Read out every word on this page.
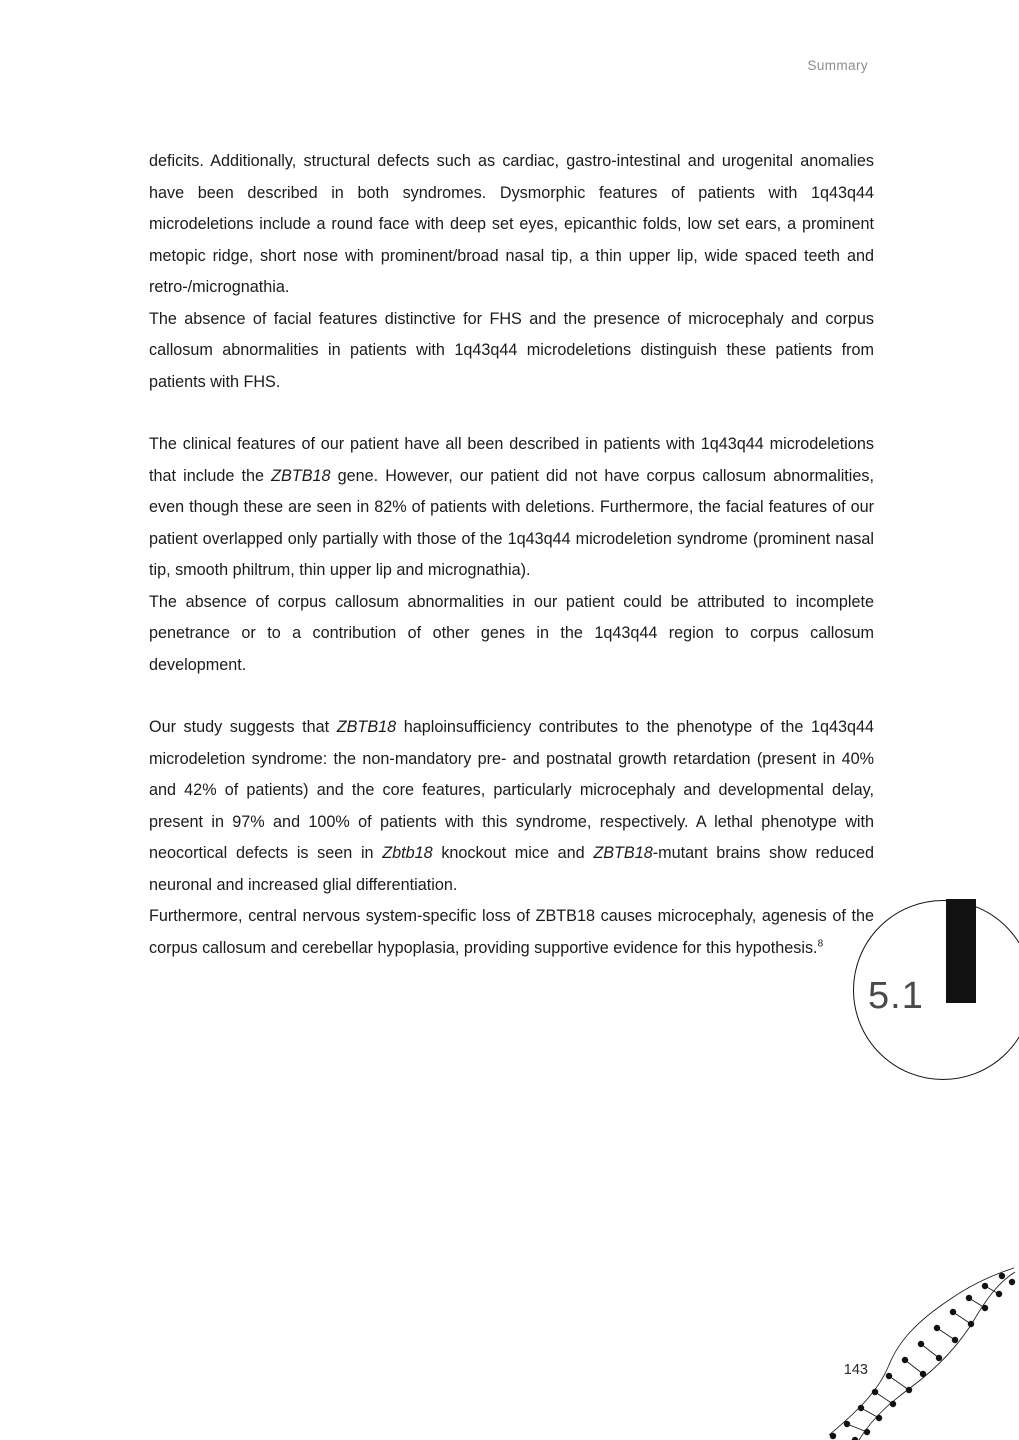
Summary

deficits. Additionally, structural defects such as cardiac, gastro-intestinal and urogenital anomalies have been described in both syndromes. Dysmorphic features of patients with 1q43q44 microdeletions include a round face with deep set eyes, epicanthic folds, low set ears, a prominent metopic ridge, short nose with prominent/broad nasal tip, a thin upper lip, wide spaced teeth and retro-/micrognathia.

The absence of facial features distinctive for FHS and the presence of microcephaly and corpus callosum abnormalities in patients with 1q43q44 microdeletions distinguish these patients from patients with FHS.

The clinical features of our patient have all been described in patients with 1q43q44 microdeletions that include the ZBTB18 gene. However, our patient did not have corpus callosum abnormalities, even though these are seen in 82% of patients with deletions. Furthermore, the facial features of our patient overlapped only partially with those of the 1q43q44 microdeletion syndrome (prominent nasal tip, smooth philtrum, thin upper lip and micrognathia).

The absence of corpus callosum abnormalities in our patient could be attributed to incomplete penetrance or to a contribution of other genes in the 1q43q44 region to corpus callosum development.

Our study suggests that ZBTB18 haploinsufficiency contributes to the phenotype of the 1q43q44 microdeletion syndrome: the non-mandatory pre- and postnatal growth retardation (present in 40% and 42% of patients) and the core features, particularly microcephaly and developmental delay, present in 97% and 100% of patients with this syndrome, respectively. A lethal phenotype with neocortical defects is seen in Zbtb18 knockout mice and ZBTB18-mutant brains show reduced neuronal and increased glial differentiation.

Furthermore, central nervous system-specific loss of ZBTB18 causes microcephaly, agenesis of the corpus callosum and cerebellar hypoplasia, providing supportive evidence for this hypothesis.$^8$

5.1
143
